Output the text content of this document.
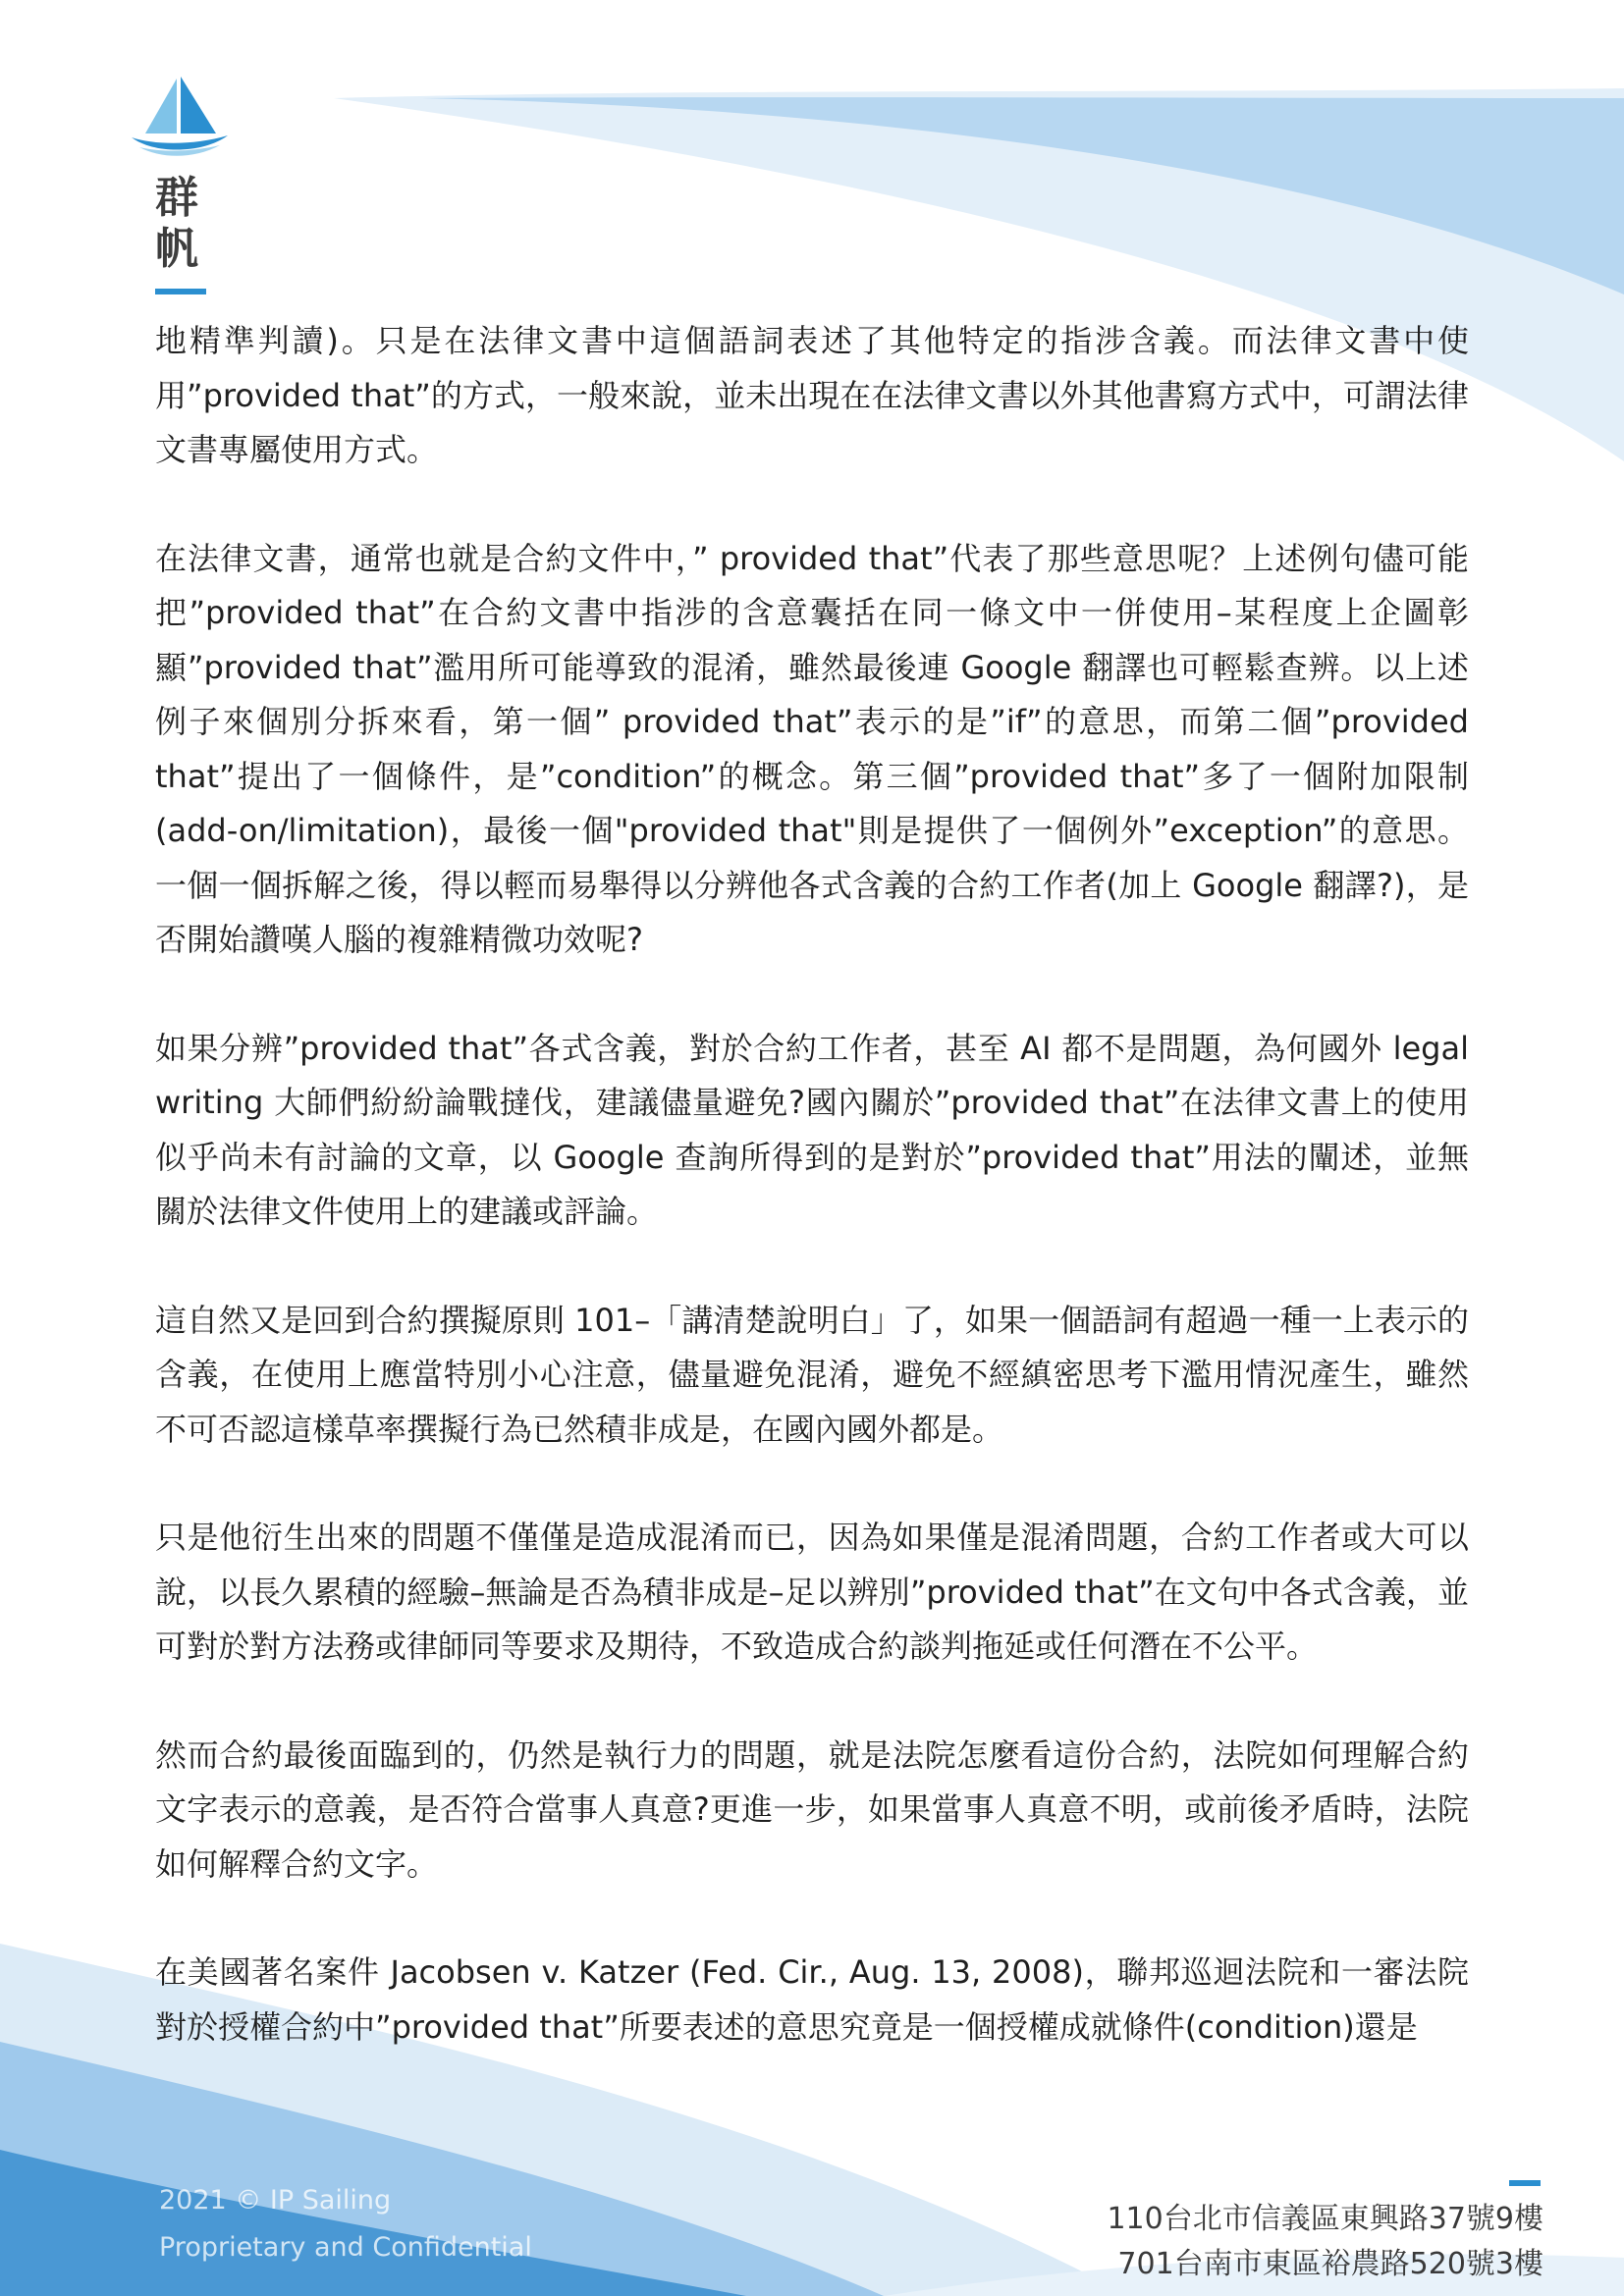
群
帆

地精準判讀)。只是在法律文書中這個語詞表述了其他特定的指涉含義。而法律文書中使用”provided that”的方式，一般來說，並未出現在在法律文書以外其他書寫方式中，可謂法律文書專屬使用方式。

在法律文書，通常也就是合約文件中，” provided that”代表了那些意思呢？上述例句儘可能把”provided that”在合約文書中指涉的含意囊括在同一條文中一併使用–某程度上企圖彰顯”provided that”濫用所可能導致的混淆，雖然最後連 Google 翻譯也可輕鬆查辨。以上述例子來個別分拆來看，第一個” provided that”表示的是”if”的意思，而第二個”provided that”提出了一個條件，是”condition”的概念。第三個”provided that”多了一個附加限制(add-on/limitation)，最後一個"provided that"則是提供了一個例外”exception”的意思。一個一個拆解之後，得以輕而易舉得以分辨他各式含義的合約工作者(加上 Google 翻譯?)，是否開始讚嘆人腦的複雜精微功效呢?

如果分辨”provided that”各式含義，對於合約工作者，甚至 AI 都不是問題，為何國外 legal writing 大師們紛紛論戰撻伐，建議儘量避免?國內關於”provided that”在法律文書上的使用似乎尚未有討論的文章，以 Google 查詢所得到的是對於”provided that”用法的闡述，並無關於法律文件使用上的建議或評論。

這自然又是回到合約撰擬原則 101–「講清楚說明白」了，如果一個語詞有超過一種一上表示的含義，在使用上應當特別小心注意，儘量避免混淆，避免不經縝密思考下濫用情況產生，雖然不可否認這樣草率撰擬行為已然積非成是，在國內國外都是。

只是他衍生出來的問題不僅僅是造成混淆而已，因為如果僅是混淆問題，合約工作者或大可以說，以長久累積的經驗–無論是否為積非成是–足以辨別”provided that”在文句中各式含義，並可對於對方法務或律師同等要求及期待，不致造成合約談判拖延或任何潛在不公平。

然而合約最後面臨到的，仍然是執行力的問題，就是法院怎麼看這份合約，法院如何理解合約文字表示的意義，是否符合當事人真意?更進一步，如果當事人真意不明，或前後矛盾時，法院如何解釋合約文字。

在美國著名案件 Jacobsen v. Katzer (Fed. Cir., Aug. 13, 2008)，聯邦巡迴法院和一審法院對於授權合約中”provided that”所要表述的意思究竟是一個授權成就條件(condition)還是

2021 © IP Sailing
Proprietary and Confidential
110台北市信義區東興路37號9樓
701台南市東區裕農路520號3樓
